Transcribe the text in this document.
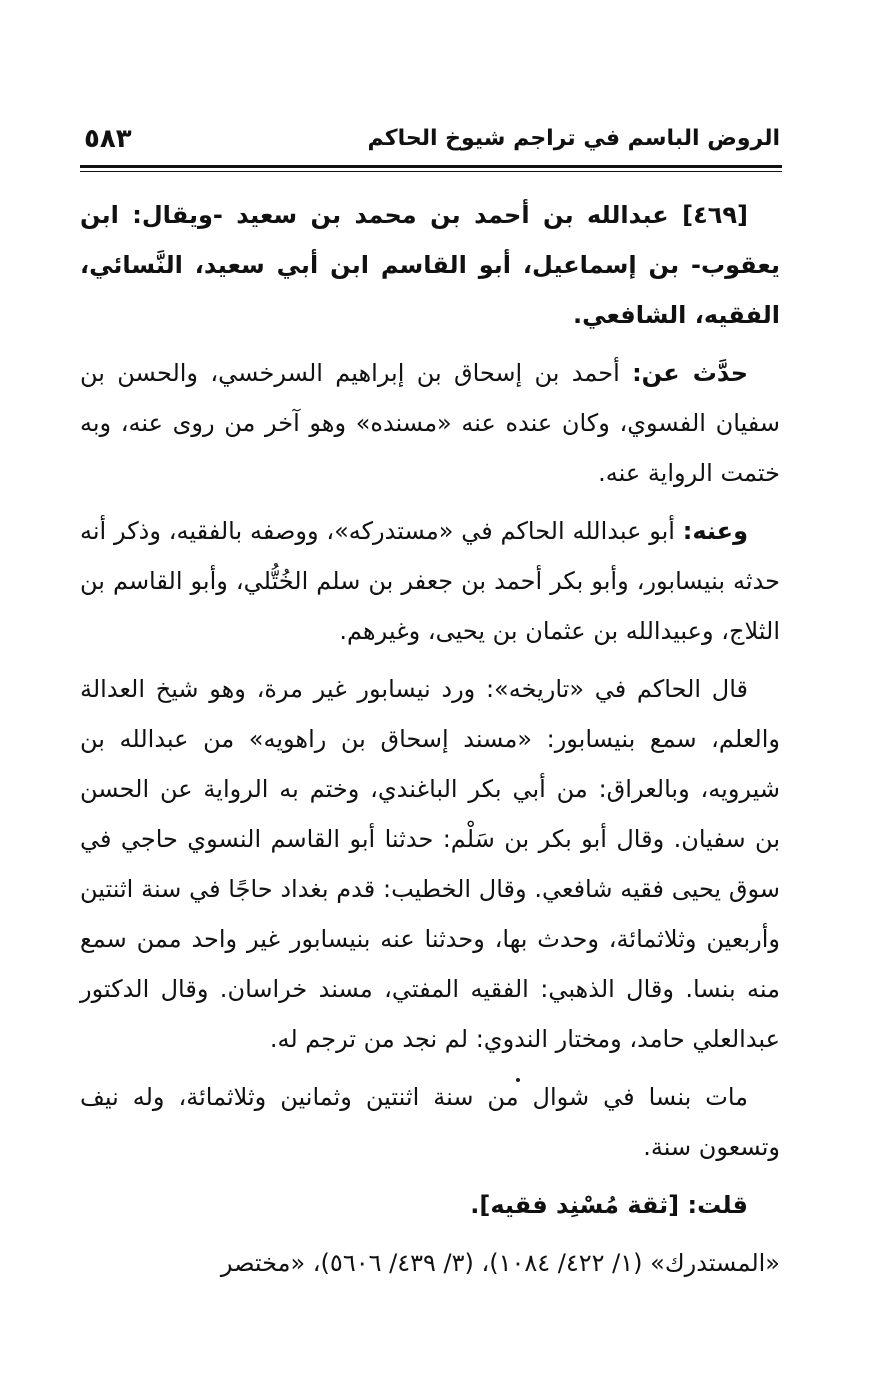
الروض الباسم في تراجم شيوخ الحاكم
٥٨٣

[٤٦٩] عبدالله بن أحمد بن محمد بن سعيد -ويقال: ابن يعقوب- بن إسماعيل، أبو القاسم ابن أبي سعيد، النَّسائي، الفقيه، الشافعي.

حدَّث عن: أحمد بن إسحاق بن إبراهيم السرخسي، والحسن بن سفيان الفسوي، وكان عنده عنه «مسنده» وهو آخر من روى عنه، وبه ختمت الرواية عنه.

وعنه: أبو عبدالله الحاكم في «مستدركه»، ووصفه بالفقيه، وذكر أنه حدثه بنيسابور، وأبو بكر أحمد بن جعفر بن سلم الخُتُّلي، وأبو القاسم بن الثلاج، وعبيدالله بن عثمان بن يحيى، وغيرهم.

قال الحاكم في «تاريخه»: ورد نيسابور غير مرة، وهو شيخ العدالة والعلم، سمع بنيسابور: «مسند إسحاق بن راهويه» من عبدالله بن شيرويه، وبالعراق: من أبي بكر الباغندي، وختم به الرواية عن الحسن بن سفيان. وقال أبو بكر بن سَلْم: حدثنا أبو القاسم النسوي حاجي في سوق يحيى فقيه شافعي. وقال الخطيب: قدم بغداد حاجًا في سنة اثنتين وأربعين وثلاثمائة، وحدث بها، وحدثنا عنه بنيسابور غير واحد ممن سمع منه بنسا. وقال الذهبي: الفقيه المفتي، مسند خراسان. وقال الدكتور عبدالعلي حامد، ومختار الندوي: لم نجد من ترجم له.

مات بنسا في شوال من سنة اثنتين وثمانين وثلاثمائة، وله نيف وتسعون سنة.

قلت: [ثقة مُسْنِد فقيه].

«المستدرك» (١/ ٤٢٢/ ١٠٨٤)، (٣/ ٤٣٩/ ٥٦٠٦)، «مختصر
